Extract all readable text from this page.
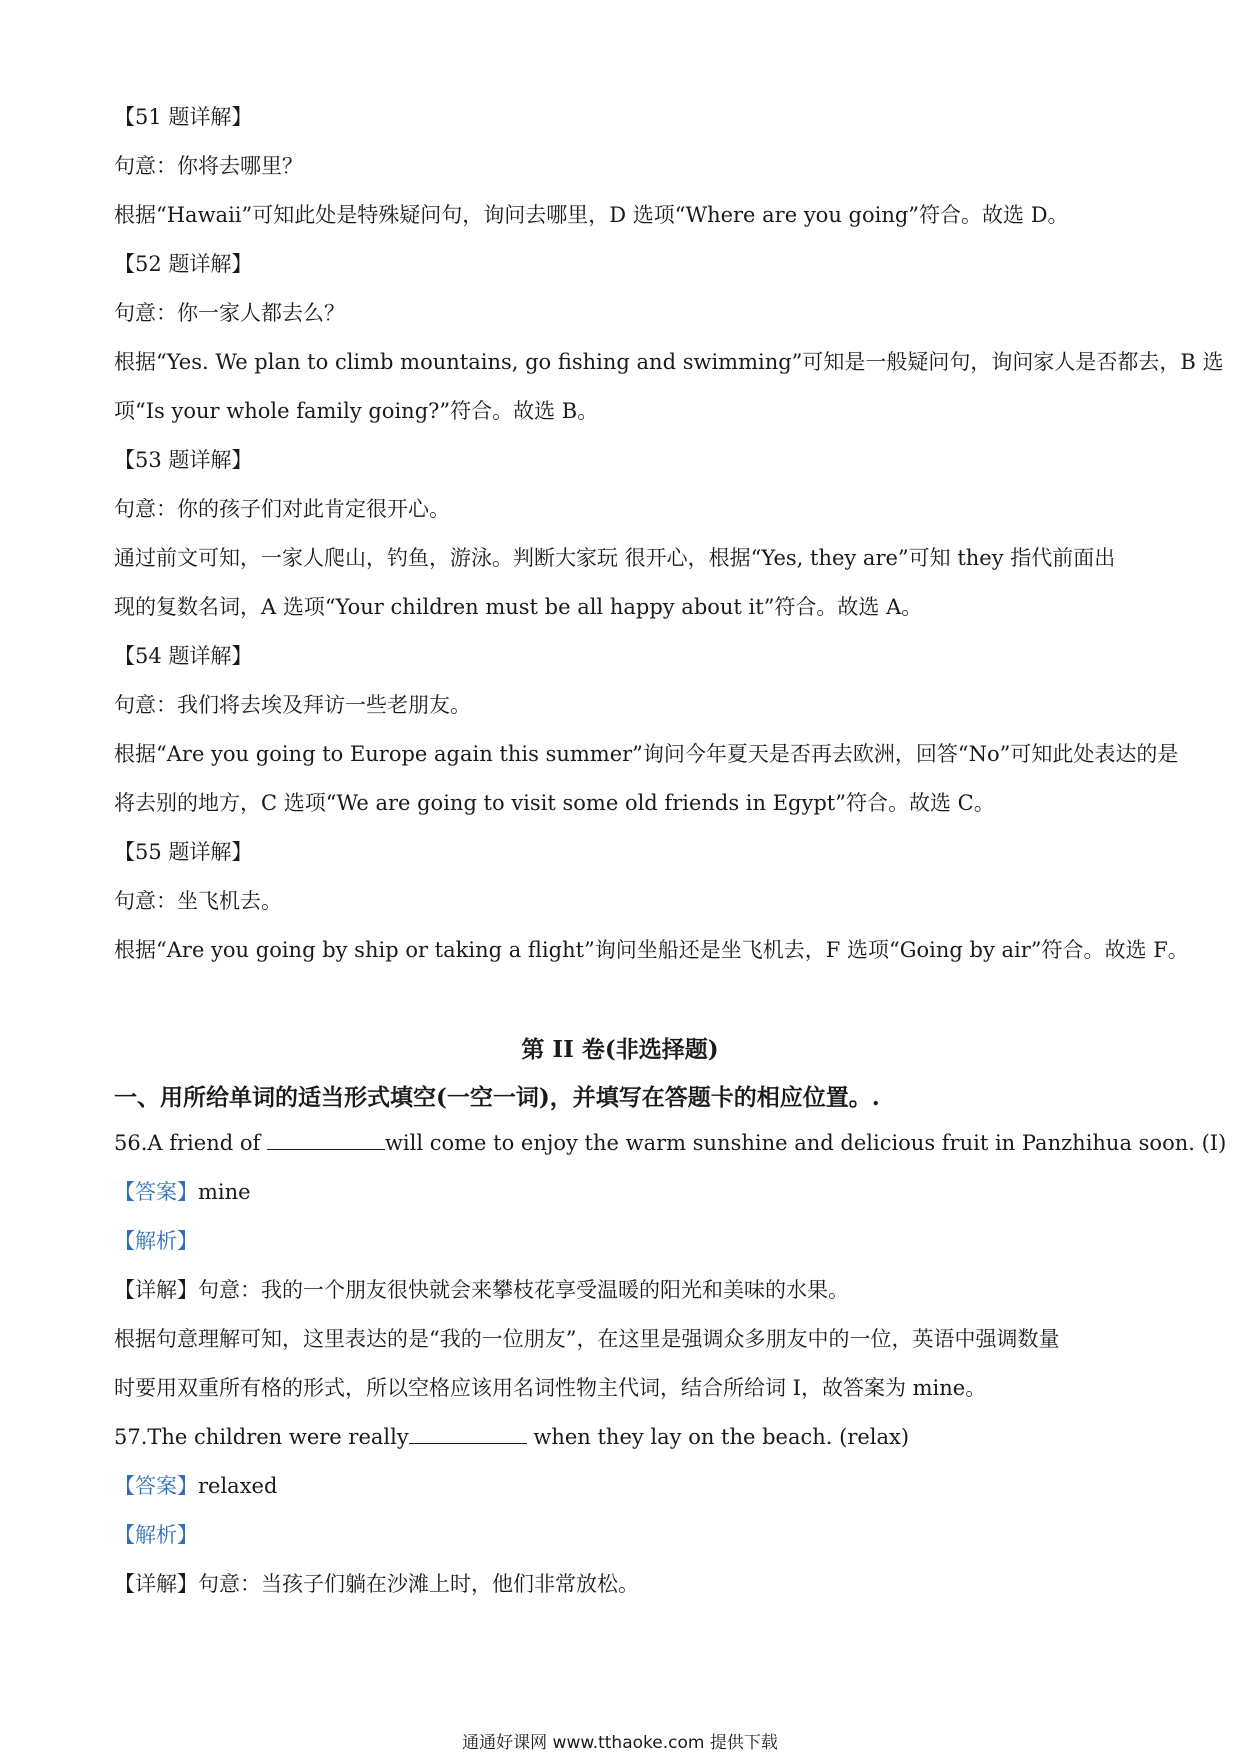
【51 题详解】
句意：你将去哪里？
根据“Hawaii”可知此处是特殊疑问句，询问去哪里，D 选项“Where are you going”符合。故选 D。
【52 题详解】
句意：你一家人都去么？
根据“Yes. We plan to climb mountains, go fishing and swimming”可知是一般疑问句，询问家人是否都去，B 选
项“Is your whole family going?”符合。故选 B。
【53 题详解】
句意：你的孩子们对此肯定很开心。
通过前文可知，一家人爬山，钓鱼，游泳。判断大家玩 很开心，根据“Yes, they are”可知 they 指代前面出
现的复数名词，A 选项“Your children must be all happy about it”符合。故选 A。
【54 题详解】
句意：我们将去埃及拜访一些老朋友。
根据“Are you going to Europe again this summer”询问今年夏天是否再去欧洲，回答“No”可知此处表达的是
将去别的地方，C 选项“We are going to visit some old friends in Egypt”符合。故选 C。
【55 题详解】
句意：坐飞机去。
根据“Are you going by ship or taking a flight”询问坐船还是坐飞机去，F 选项“Going by air”符合。故选 F。
第 II 卷(非选择题)
一、用所给单词的适当形式填空(一空一词)，并填写在答题卡的相应位置。.
56.A friend of	will come to enjoy the warm sunshine and delicious fruit in Panzhihua soon. (I)
【答案】mine
【解析】
【详解】句意：我的一个朋友很快就会来攀枝花享受温暖的阳光和美味的水果。
根据句意理解可知，这里表达的是“我的一位朋友”，在这里是强调众多朋友中的一位，英语中强调数量
时要用双重所有格的形式，所以空格应该用名词性物主代词，结合所给词 I，故答案为 mine。
57.The children were really	when they lay on the beach. (relax)
【答案】relaxed
【解析】
【详解】句意：当孩子们躺在沙滩上时，他们非常放松。
通通好课网 www.tthaoke.com 提供下载
